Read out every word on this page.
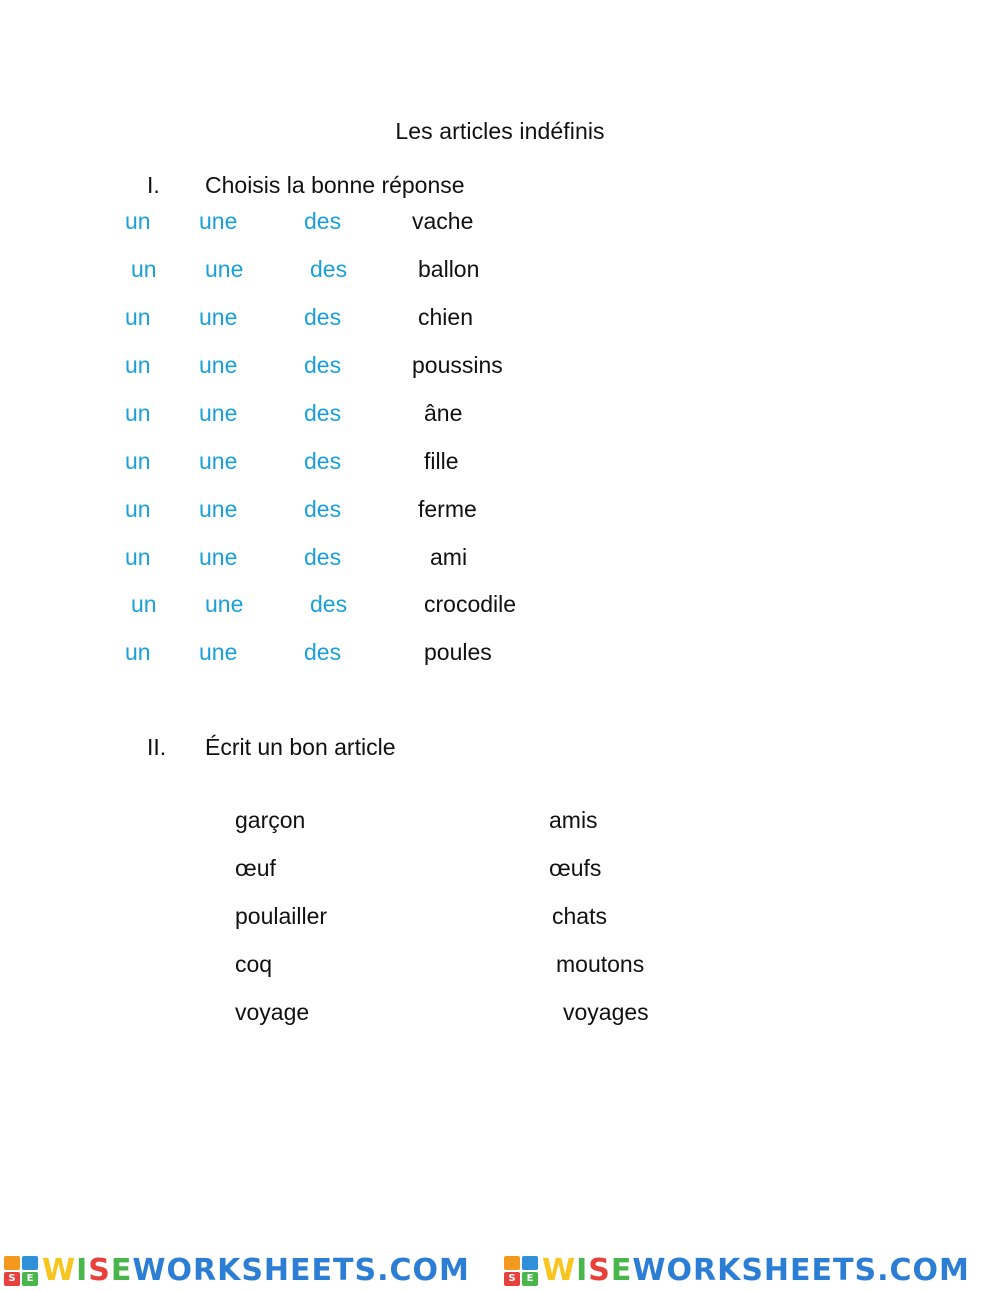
Les articles indéfinis
I. Choisis la bonne réponse
un une	des	vache
un une	des	ballon
un une	des	chien
un une	des	poussins
un une	des	âne
un une	des	fille
un une	des	ferme
un une	des	ami
un une	des	crocodile
un une	des	poules
II. Écrit un bon article
garçon	amis
œuf	œufs
poulailler	chats
coq	moutons
voyage	voyages
S	E WISEWORKSHEETS.COM	S	E WISEWORKSHEETS.COM
